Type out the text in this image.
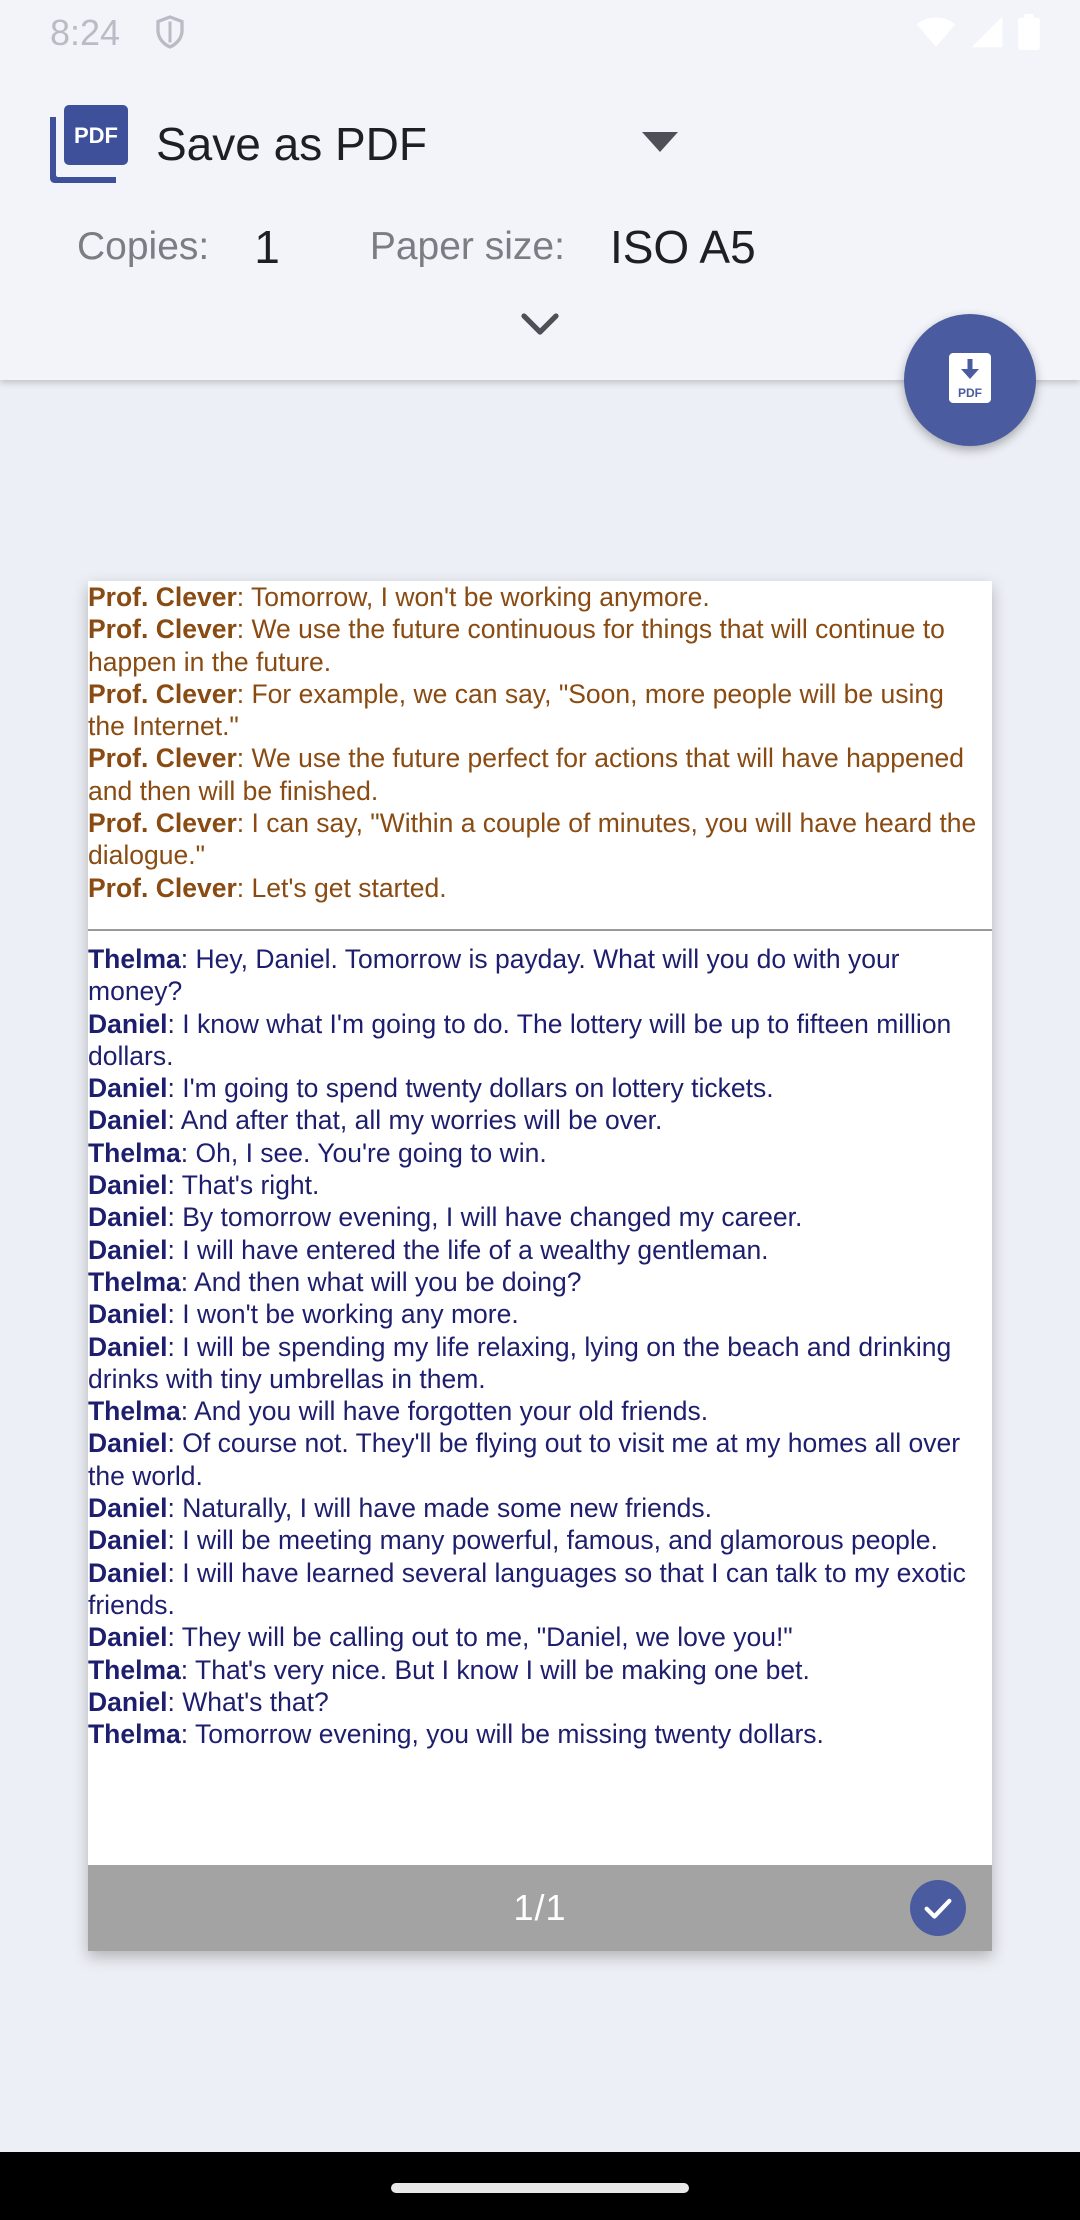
8:24
PDF Save as PDF
Copies: 1 Paper size: ISO A5
PDF
Prof. Clever: Tomorrow, I won't be working anymore.
Prof. Clever: We use the future continuous for things that will continue to happen in the future.
Prof. Clever: For example, we can say, "Soon, more people will be using the Internet."
Prof. Clever: We use the future perfect for actions that will have happened and then will be finished.
Prof. Clever: I can say, "Within a couple of minutes, you will have heard the dialogue."
Prof. Clever: Let's get started.
Thelma: Hey, Daniel. Tomorrow is payday. What will you do with your money?
Daniel: I know what I'm going to do. The lottery will be up to fifteen million dollars.
Daniel: I'm going to spend twenty dollars on lottery tickets.
Daniel: And after that, all my worries will be over.
Thelma: Oh, I see. You're going to win.
Daniel: That's right.
Daniel: By tomorrow evening, I will have changed my career.
Daniel: I will have entered the life of a wealthy gentleman.
Thelma: And then what will you be doing?
Daniel: I won't be working any more.
Daniel: I will be spending my life relaxing, lying on the beach and drinking drinks with tiny umbrellas in them.
Thelma: And you will have forgotten your old friends.
Daniel: Of course not. They'll be flying out to visit me at my homes all over the world.
Daniel: Naturally, I will have made some new friends.
Daniel: I will be meeting many powerful, famous, and glamorous people.
Daniel: I will have learned several languages so that I can talk to my exotic friends.
Daniel: They will be calling out to me, "Daniel, we love you!"
Thelma: That's very nice. But I know I will be making one bet.
Daniel: What's that?
Thelma: Tomorrow evening, you will be missing twenty dollars.
1/1
